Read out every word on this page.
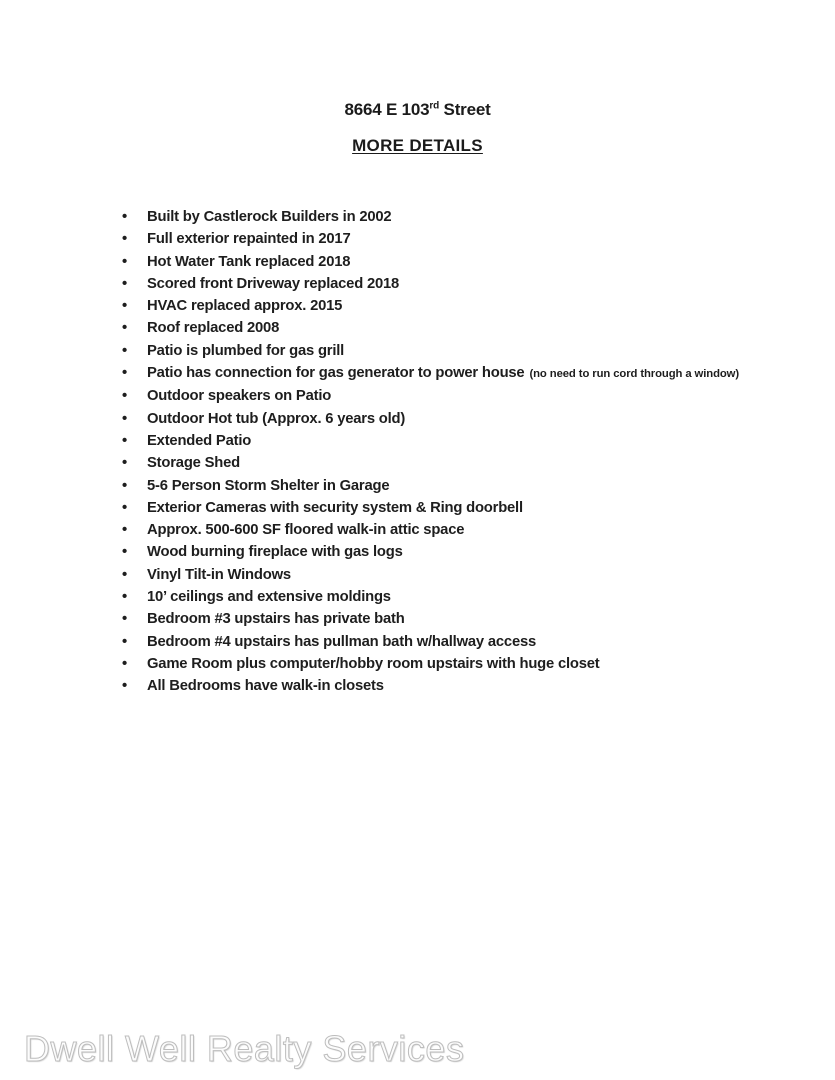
8664 E 103rd Street
MORE DETAILS
•	Built by Castlerock Builders in 2002
•	Full exterior repainted in 2017
•	Hot Water Tank replaced 2018
•	Scored front Driveway replaced 2018
•	HVAC replaced approx. 2015
•	Roof replaced 2008
•	Patio is plumbed for gas grill
•	Patio has connection for gas generator to power house (no need to run cord through a window)
•	Outdoor speakers on Patio
•	Outdoor Hot tub (Approx. 6 years old)
•	Extended Patio
•	Storage Shed
•	5-6 Person Storm Shelter in Garage
•	Exterior Cameras with security system & Ring doorbell
•	Approx. 500-600 SF floored walk-in attic space
•	Wood burning fireplace with gas logs
•	Vinyl Tilt-in Windows
•	10’ ceilings and extensive moldings
•	Bedroom #3 upstairs has private bath
•	Bedroom #4 upstairs has pullman bath w/hallway access
•	Game Room plus computer/hobby room upstairs with huge closet
•	All Bedrooms have walk-in closets
Dwell Well Realty Services
